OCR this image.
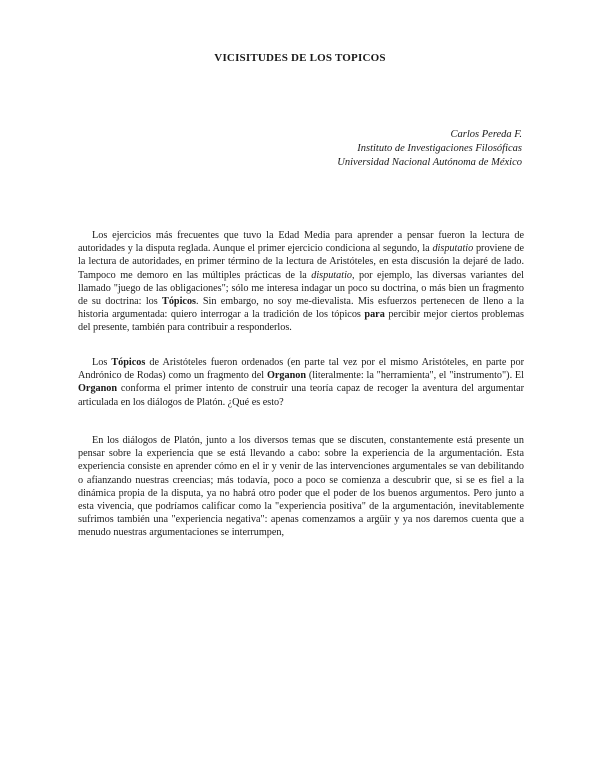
VICISITUDES DE LOS TOPICOS
Carlos Pereda F.
Instituto de Investigaciones Filosóficas
Universidad Nacional Autónoma de México

Los ejercicios más frecuentes que tuvo la Edad Media para aprender a pensar fueron la lectura de autoridades y la disputa reglada. Aunque el primer ejercicio condiciona al segundo, la disputatio proviene de la lectura de autoridades, en primer término de la lectura de Aristóteles, en esta discusión la dejaré de lado. Tampoco me demoro en las múltiples prácticas de la disputatio, por ejemplo, las diversas variantes del llamado "juego de las obligaciones"; sólo me interesa indagar un poco su doctrina, o más bien un fragmento de su doctrina: los Tópicos. Sin embargo, no soy me-dievalista. Mis esfuerzos pertenecen de lleno a la historia argumentada: quiero interrogar a la tradición de los tópicos para percibir mejor ciertos problemas del presente, también para contribuir a responderlos.

Los Tópicos de Aristóteles fueron ordenados (en parte tal vez por el mismo Aristóteles, en parte por Andrónico de Rodas) como un fragmento del Organon (literalmente: la "herramienta", el "instrumento"). El Organon conforma el primer intento de construir una teoría capaz de recoger la aventura del argumentar articulada en los diálogos de Platón. ¿Qué es esto?

En los diálogos de Platón, junto a los diversos temas que se discuten, constantemente está presente un pensar sobre la experiencia que se está llevando a cabo: sobre la experiencia de la argumentación. Esta experiencia consiste en aprender cómo en el ir y venir de las intervenciones argumentales se van debilitando o afianzando nuestras creencias; más todavía, poco a poco se comienza a descubrir que, si se es fiel a la dinámica propia de la disputa, ya no habrá otro poder que el poder de los buenos argumentos. Pero junto a esta vivencia, que podríamos calificar como la "experiencia positiva" de la argumentación, inevitablemente sufrimos también una "experiencia negativa": apenas comenzamos a argüir y ya nos daremos cuenta que a menudo nuestras argumentaciones se interrumpen,
